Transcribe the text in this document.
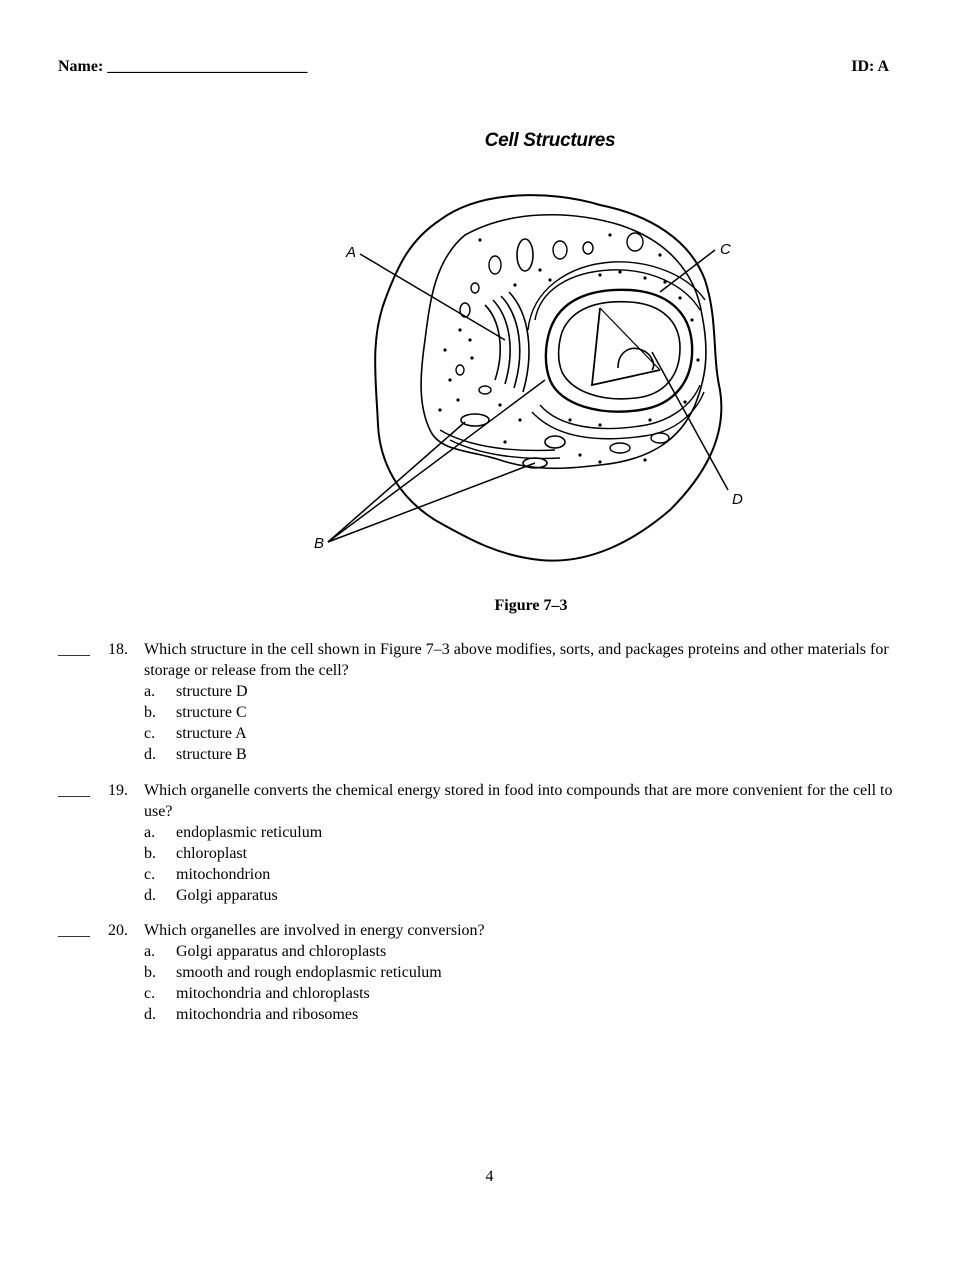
Name: _________________________	ID: A
Cell Structures
A
B
C
D
Figure 7–3
____ 18.	Which structure in the cell shown in Figure 7–3 above modifies, sorts, and packages proteins and other materials for storage or release from the cell?
a. structure D
b. structure C
c. structure A
d. structure B
____ 19.	Which organelle converts the chemical energy stored in food into compounds that are more convenient for the cell to use?
a. endoplasmic reticulum
b. chloroplast
c. mitochondrion
d. Golgi apparatus
____ 20.	Which organelles are involved in energy conversion?
a. Golgi apparatus and chloroplasts
b. smooth and rough endoplasmic reticulum
c. mitochondria and chloroplasts
d. mitochondria and ribosomes
4
